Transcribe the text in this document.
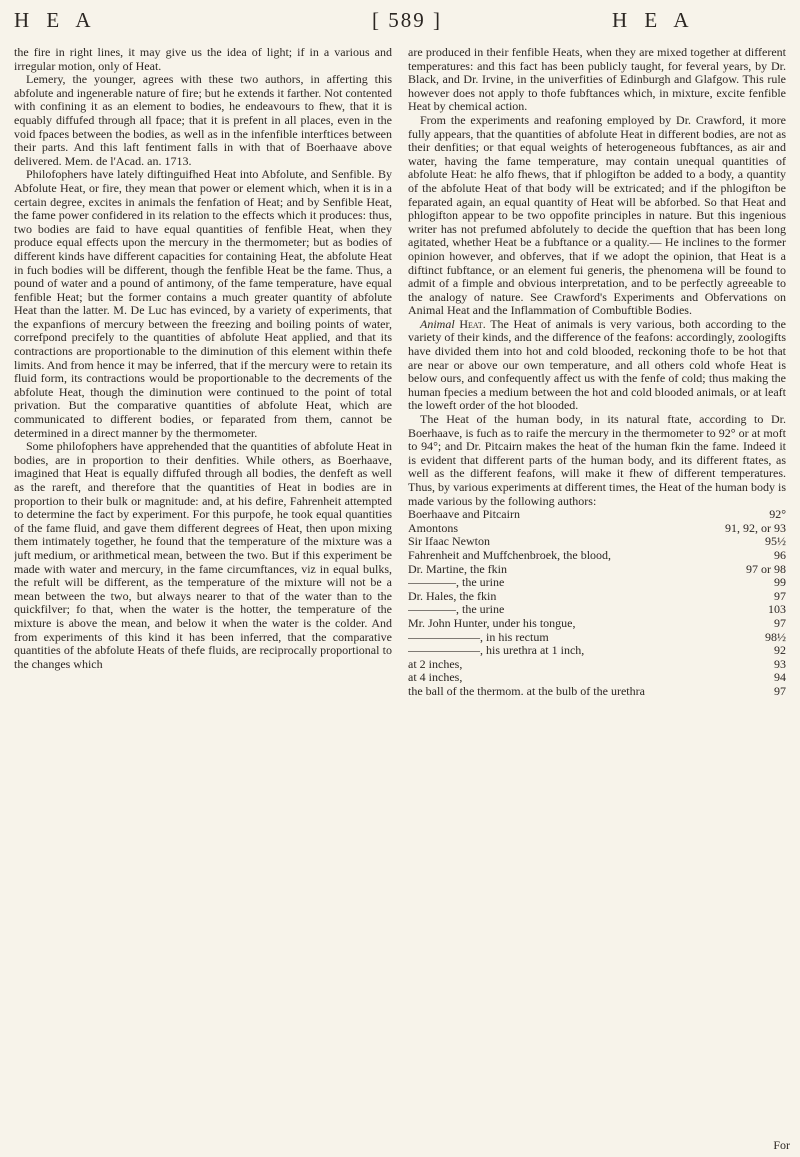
H E A	[ 589 ]	H E A

the fire in right lines, it may give us the idea of light; if in a various and irregular motion, only of Heat.

Lemery, the younger, agrees with these two authors, in afferting this abfolute and ingenerable nature of fire; but he extends it farther. Not contented with confining it as an element to bodies, he endeavours to fhew, that it is equably diffufed through all fpace; that it is prefent in all places, even in the void fpaces between the bodies, as well as in the infenfible interftices between their parts. And this laft fentiment falls in with that of Boerhaave above delivered. Mem. de l'Acad. an. 1713.

Philofophers have lately diftinguifhed Heat into Abfolute, and Senfible. By Abfolute Heat, or fire, they mean that power or element which, when it is in a certain degree, excites in animals the fenfation of Heat; and by Senfible Heat, the fame power confidered in its relation to the effects which it produces: thus, two bodies are faid to have equal quantities of fenfible Heat, when they produce equal effects upon the mercury in the thermometer; but as bodies of different kinds have different capacities for containing Heat, the abfolute Heat in fuch bodies will be different, though the fenfible Heat be the fame. Thus, a pound of water and a pound of antimony, of the fame temperature, have equal fenfible Heat; but the former contains a much greater quantity of abfolute Heat than the latter. M. De Luc has evinced, by a variety of experiments, that the expanfions of mercury between the freezing and boiling points of water, correfpond precifely to the quantities of abfolute Heat applied, and that its contractions are proportionable to the diminution of this element within thefe limits. And from hence it may be inferred, that if the mercury were to retain its fluid form, its contractions would be proportionable to the decrements of the abfolute Heat, though the diminution were continued to the point of total privation. But the comparative quantities of abfolute Heat, which are communicated to different bodies, or feparated from them, cannot be determined in a direct manner by the thermometer.

Some philofophers have apprehended that the quantities of abfolute Heat in bodies, are in proportion to their denfities. While others, as Boerhaave, imagined that Heat is equally diffufed through all bodies, the denfeft as well as the rareft, and therefore that the quantities of Heat in bodies are in proportion to their bulk or magnitude: and, at his defire, Fahrenheit attempted to determine the fact by experiment. For this purpofe, he took equal quantities of the fame fluid, and gave them different degrees of Heat, then upon mixing them intimately together, he found that the temperature of the mixture was a juft medium, or arithmetical mean, between the two. But if this experiment be made with water and mercury, in the fame circumftances, viz in equal bulks, the refult will be different, as the temperature of the mixture will not be a mean between the two, but always nearer to that of the water than to the quickfilver; fo that, when the water is the hotter, the temperature of the mixture is above the mean, and below it when the water is the colder. And from experiments of this kind it has been inferred, that the comparative quantities of the abfolute Heats of thefe fluids, are reciprocally proportional to the changes which

are produced in their fenfible Heats, when they are mixed together at different temperatures: and this fact has been publicly taught, for feveral years, by Dr. Black, and Dr. Irvine, in the univerfities of Edinburgh and Glafgow. This rule however does not apply to thofe fubftances which, in mixture, excite fenfible Heat by chemical action.

From the experiments and reafoning employed by Dr. Crawford, it more fully appears, that the quantities of abfolute Heat in different bodies, are not as their denfities; or that equal weights of heterogeneous fubftances, as air and water, having the fame temperature, may contain unequal quantities of abfolute Heat: he alfo fhews, that if phlogifton be added to a body, a quantity of the abfolute Heat of that body will be extricated; and if the phlogifton be feparated again, an equal quantity of Heat will be abforbed. So that Heat and phlogifton appear to be two oppofite principles in nature. But this ingenious writer has not prefumed abfolutely to decide the queftion that has been long agitated, whether Heat be a fubftance or a quality.— He inclines to the former opinion however, and obferves, that if we adopt the opinion, that Heat is a diftinct fubftance, or an element fui generis, the phenomena will be found to admit of a fimple and obvious interpretation, and to be perfectly agreeable to the analogy of nature. See Crawford's Experiments and Obfervations on Animal Heat and the Inflammation of Combuftible Bodies.

Animal Heat. The Heat of animals is very various, both according to the variety of their kinds, and the difference of the feafons: accordingly, zoologifts have divided them into hot and cold blooded, reckoning thofe to be hot that are near or above our own temperature, and all others cold whofe Heat is below ours, and confequently affect us with the fenfe of cold; thus making the human fpecies a medium between the hot and cold blooded animals, or at leaft the loweft order of the hot blooded.

The Heat of the human body, in its natural ftate, according to Dr. Boerhaave, is fuch as to raife the mercury in the thermometer to 92° or at moft to 94°; and Dr. Pitcairn makes the heat of the human fkin the fame. Indeed it is evident that different parts of the human body, and its different ftates, as well as the different feafons, will make it fhew of different temperatures. Thus, by various experiments at different times, the Heat of the human body is made various by the following authors:

Boerhaave and Pitcairn	92°
Amontons	91, 92, or 93
Sir Ifaac Newton	95½
Fahrenheit and Muffchenbroek, the blood,	96
Dr. Martine, the fkin	97 or 98
————, the urine	99
Dr. Hales, the fkin	97
————, the urine	103
Mr. John Hunter, under his tongue,	97
——————, in his rectum	98½
——————, his urethra at 1 inch,	92
at 2 inches,	93
at 4 inches,	94
the ball of the thermom. at the bulb of the urethra	97
For
